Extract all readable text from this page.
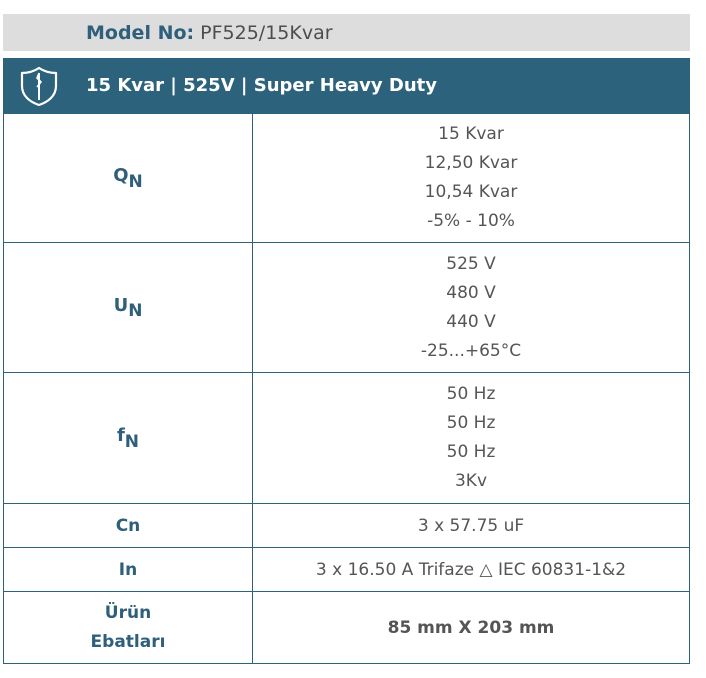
Model No: PF525/15Kvar
15 Kvar | 525V | Super Heavy Duty
$Q_N$	15 Kvar
12,50 Kvar
10,54 Kvar
-5% - 10%

$U_N$	525 V
480 V
440 V
-25...+65°C

$f_N$	50 Hz
50 Hz
50 Hz
3Kv

Cn	3 x 57.75 uF
In	3 x 16.50 A Trifaze △ IEC 60831-1&2

Ürün
Ebatları	85 mm X 203 mm
